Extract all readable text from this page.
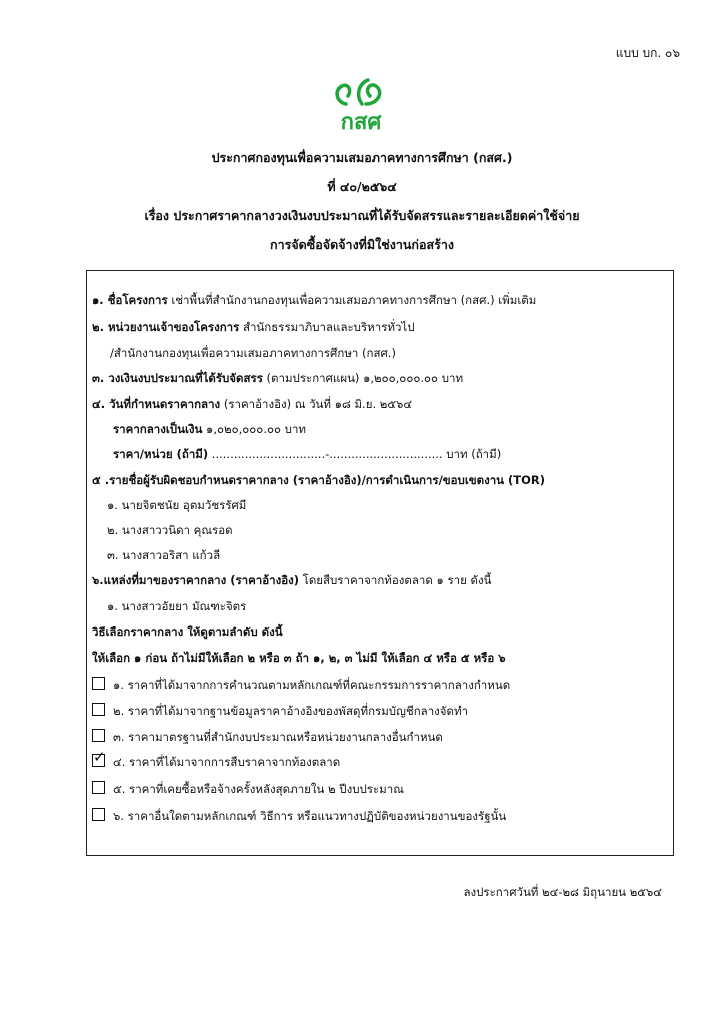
แบบ บก. ๐๖
กสศ
ประกาศกองทุนเพื่อความเสมอภาคทางการศึกษา (กสศ.)
ที่ ๔๐/๒๕๖๔
เรื่อง ประกาศราคากลางวงเงินงบประมาณที่ได้รับจัดสรรและรายละเอียดค่าใช้จ่าย
การจัดซื้อจัดจ้างที่มิใช่งานก่อสร้าง
๑. ชื่อโครงการ เช่าพื้นที่สำนักงานกองทุนเพื่อความเสมอภาคทางการศึกษา (กสศ.) เพิ่มเติม
๒. หน่วยงานเจ้าของโครงการ สำนักธรรมาภิบาลและบริหารทั่วไป
/สำนักงานกองทุนเพื่อความเสมอภาคทางการศึกษา (กสศ.)
๓. วงเงินงบประมาณที่ได้รับจัดสรร (ตามประกาศแผน) ๑,๒๐๐,๐๐๐.๐๐ บาท
๔. วันที่กำหนดราคากลาง (ราคาอ้างอิง) ณ วันที่ ๑๘ มิ.ย. ๒๕๖๔
ราคากลางเป็นเงิน ๑,๐๒๐,๐๐๐.๐๐ บาท
ราคา/หน่วย (ถ้ามี) ...............................-............................... บาท (ถ้ามี)
๕ .รายชื่อผู้รับผิดชอบกำหนดราคากลาง (ราคาอ้างอิง)/การดำเนินการ/ขอบเขตงาน (TOR)
๑. นายจิตชนัย อุตมวัชรรัศมี
๒. นางสาววนิดา คุณรอด
๓. นางสาวอริสา แก้วลี
๖.แหล่งที่มาของราคากลาง (ราคาอ้างอิง) โดยสืบราคาจากท้องตลาด ๑ ราย ดังนี้
๑. นางสาวอัยยา มัณฑะจิตร
วิธีเลือกราคากลาง ให้ดูตามลำดับ ดังนี้
ให้เลือก ๑ ก่อน ถ้าไม่มีให้เลือก ๒ หรือ ๓ ถ้า ๑, ๒, ๓ ไม่มี ให้เลือก ๔ หรือ ๕ หรือ ๖
๑. ราคาที่ได้มาจากการคำนวณตามหลักเกณฑ์ที่คณะกรรมการราคากลางกำหนด
๒. ราคาที่ได้มาจากฐานข้อมูลราคาอ้างอิงของพัสดุที่กรมบัญชีกลางจัดทำ
๓. ราคามาตรฐานที่สำนักงบประมาณหรือหน่วยงานกลางอื่นกำหนด
✓๔. ราคาที่ได้มาจากการสืบราคาจากท้องตลาด
๕. ราคาที่เคยซื้อหรือจ้างครั้งหลังสุดภายใน ๒ ปีงบประมาณ
๖. ราคาอื่นใดตามหลักเกณฑ์ วิธีการ หรือแนวทางปฏิบัติของหน่วยงานของรัฐนั้น
ลงประกาศวันที่ ๒๔-๒๘ มิถุนายน ๒๕๖๔
